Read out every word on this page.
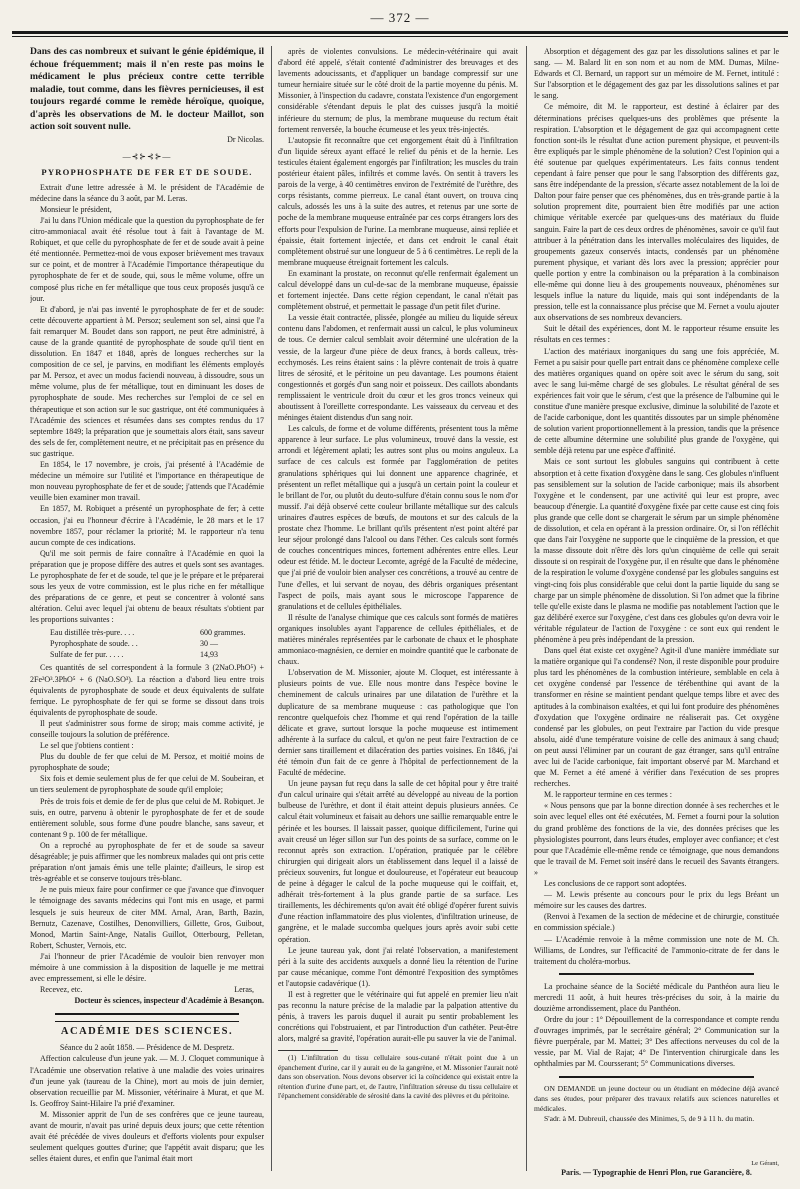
— 372 —

Dans des cas nombreux et suivant le génie épidémique, il échoue fréquemment; mais il n'en reste pas moins le médicament le plus précieux contre cette terrible maladie, tout comme, dans les fièvres pernicieuses, il est toujours regardé comme le remède héroïque, quoique, d'après les observations de M. le docteur Maillot, son action soit souvent nulle.

Dr Nicolas.

—⊰⊱⊰⊱—
PYROPHOSPHATE DE FER ET DE SOUDE.

Extrait d'une lettre adressée à M. le président de l'Académie de médecine dans la séance du 3 août, par M. Leras.

Monsieur le président,

J'ai lu dans l'Union médicale que la question du pyrophosphate de fer citro-ammoniacal avait été résolue tout à fait à l'avantage de M. Robiquet, et que celle du pyrophosphate de fer et de soude avait à peine été mentionnée. Permettez-moi de vous exposer brièvement mes travaux sur ce point, et de montrer à l'Académie l'importance thérapeutique du pyrophosphate de fer et de soude, qui, sous le même volume, offre un composé plus riche en fer métallique que tous ceux proposés jusqu'à ce jour.

Et d'abord, je n'ai pas inventé le pyrophosphate de fer et de soude: cette découverte appartient à M. Persoz; seulement son sel, ainsi que l'a fait remarquer M. Boudet dans son rapport, ne peut être administré, à cause de la grande quantité de pyrophosphate de soude qu'il tient en dissolution. En 1847 et 1848, après de longues recherches sur la composition de ce sel, je parvins, en modifiant les éléments employés par M. Persoz, et avec un modus faciendi nouveau, à dissoudre, sous un même volume, plus de fer métallique, tout en diminuant les doses de pyrophosphate de soude. Mes recherches sur l'emploi de ce sel en thérapeutique et son action sur le suc gastrique, ont été communiquées à l'Académie des sciences et résumées dans ses comptes rendus du 17 septembre 1849; la préparation que je soumettais alors était, sans saveur des sels de fer, complètement neutre, et ne précipitait pas en présence du suc gastrique.

En 1854, le 17 novembre, je crois, j'ai présenté à l'Académie de médecine un mémoire sur l'utilité et l'importance en thérapeutique de mon nouveau pyrophosphate de fer et de soude; j'attends que l'Académie veuille bien examiner mon travail.

En 1857, M. Robiquet a présenté un pyrophosphate de fer; à cette occasion, j'ai eu l'honneur d'écrire à l'Académie, le 28 mars et le 17 novembre 1857, pour réclamer la priorité; M. le rapporteur n'a tenu aucun compte de ces indications.

Qu'il me soit permis de faire connaître à l'Académie en quoi la préparation que je propose diffère des autres et quels sont ses avantages. Le pyrophosphate de fer et de soude, tel que je le prépare et le préparerai sous les yeux de votre commission, est le plus riche en fer métallique des préparations de ce genre, et peut se concentrer à volonté sans altération. Celui avec lequel j'ai obtenu de beaux résultats s'obtient par les proportions suivantes :

Eau distillée très-pure. . . .	600 grammes.
Pyrophosphate de soude. . .	30 —
Sulfate de fer pur. . . . .	14,93

Ces quantités de sel correspondent à la formule 3 (2NaO.PhO⁵) + 2Fe²O³.3PhO⁵ + 6 (NaO.SO³). La réaction a d'abord lieu entre trois équivalents de pyrophosphate de soude et deux équivalents de sulfate ferrique. Le pyrophosphate de fer qui se forme se dissout dans trois équivalents de pyrophosphate de soude.

Il peut s'administrer sous forme de sirop; mais comme activité, je conseille toujours la solution de préférence.

Le sel que j'obtiens contient :

Plus du double de fer que celui de M. Persoz, et moitié moins de pyrophosphate de soude;

Six fois et demie seulement plus de fer que celui de M. Soubeiran, et un tiers seulement de pyrophosphate de soude qu'il emploie;

Près de trois fois et demie de fer de plus que celui de M. Robiquet. Je suis, en outre, parvenu à obtenir le pyrophosphate de fer et de soude entièrement soluble, sous forme d'une poudre blanche, sans saveur, et contenant 9 p. 100 de fer métallique.

On a reproché au pyrophosphate de fer et de soude sa saveur désagréable; je puis affirmer que les nombreux malades qui ont pris cette préparation n'ont jamais émis une telle plainte; d'ailleurs, le sirop est très-agréable et se conserve toujours très-blanc.

Je ne puis mieux faire pour confirmer ce que j'avance que d'invoquer le témoignage des savants médecins qui l'ont mis en usage, et parmi lesquels je suis heureux de citer MM. Arnal, Aran, Barth, Bazin, Bernutz, Cazenave, Costilhes, Denonvilliers, Gillette, Gros, Guibout, Monod, Martin Saint-Ange, Natalis Guillot, Otterbourg, Pelletan, Robert, Schuster, Vernois, etc.

J'ai l'honneur de prier l'Académie de vouloir bien renvoyer mon mémoire à une commission à la disposition de laquelle je me mettrai avec empressement, si elle le désire.

Recevez, etc.	Leras,

Docteur ès sciences, inspecteur d'Académie à Besançon.

ACADÉMIE DES SCIENCES.

Séance du 2 août 1858. — Présidence de M. Despretz.

Affection calculeuse d'un jeune yak. — M. J. Cloquet communique à l'Académie une observation relative à une maladie des voies urinaires d'un jeune yak (taureau de la Chine), mort au mois de juin dernier, observation recueillie par M. Missonier, vétérinaire à Murat, et que M. Is. Geoffroy Saint-Hilaire l'a prié d'examiner.

M. Missonier apprit de l'un de ses confrères que ce jeune taureau, avant de mourir, n'avait pas uriné depuis deux jours; que cette rétention avait été précédée de vives douleurs et d'efforts violents pour expulser seulement quelques gouttes d'urine; que l'appétit avait disparu; que les selles étaient dures, et enfin que l'animal était mort

après de violentes convulsions. Le médecin-vétérinaire qui avait d'abord été appelé, s'était contenté d'administrer des breuvages et des lavements adoucissants, et d'appliquer un bandage compressif sur une tumeur herniaire située sur le côté droit de la partie moyenne du pénis. M. Missonier, à l'inspection du cadavre, constata l'existence d'un engorgement considérable s'étendant depuis le plat des cuisses jusqu'à la moitié inférieure du sternum; de plus, la membrane muqueuse du rectum était fortement renversée, la bouche écumeuse et les yeux très-injectés.

L'autopsie fit reconnaître que cet engorgement était dû à l'infiltration d'un liquide séreux ayant effacé le relief du pénis et de la hernie. Les testicules étaient également engorgés par l'infiltration; les muscles du train postérieur étaient pâles, infiltrés et comme lavés. On sentit à travers les parois de la verge, à 40 centimètres environ de l'extrémité de l'urèthre, des corps résistants, comme pierreux. Le canal étant ouvert, on trouva cinq calculs, adossés les uns à la suite des autres, et retenus par une sorte de poche de la membrane muqueuse entraînée par ces corps étrangers lors des efforts pour l'expulsion de l'urine. La membrane muqueuse, ainsi repliée et épaissie, était fortement injectée, et dans cet endroit le canal était complètement obstrué sur une longueur de 5 à 6 centimètres. Le repli de la membrane muqueuse étreignait fortement les calculs.

En examinant la prostate, on reconnut qu'elle renfermait également un calcul développé dans un cul-de-sac de la membrane muqueuse, épaissie et fortement injectée. Dans cette région cependant, le canal n'était pas complètement obstrué, et permettait le passage d'un petit filet d'urine.

La vessie était contractée, plissée, plongée au milieu du liquide séreux contenu dans l'abdomen, et renfermait aussi un calcul, le plus volumineux de tous. Ce dernier calcul semblait avoir déterminé une ulcération de la vessie, de la largeur d'une pièce de deux francs, à bords calleux, très-ecchymosés. Les reins étaient sains : la plèvre contenait de trois à quatre litres de sérosité, et le péritoine un peu davantage. Les poumons étaient congestionnés et gorgés d'un sang noir et poisseux. Des caillots abondants remplissaient le ventricule droit du cœur et les gros troncs veineux qui aboutissent à l'oreillette correspondante. Les vaisseaux du cerveau et des méninges étaient distendus d'un sang noir.

Les calculs, de forme et de volume différents, présentent tous la même apparence à leur surface. Le plus volumineux, trouvé dans la vessie, est arrondi et légèrement aplati; les autres sont plus ou moins anguleux. La surface de ces calculs est formée par l'agglomération de petites granulations sphériques qui lui donnent une apparence chagrinée, et présentent un reflet métallique qui a jusqu'à un certain point la couleur et le brillant de l'or, ou plutôt du deuto-sulfure d'étain connu sous le nom d'or mussif. J'ai déjà observé cette couleur brillante métallique sur des calculs urinaires d'autres espèces de bœufs, de moutons et sur des calculs de la prostate chez l'homme. Le brillant qu'ils présentent n'est point altéré par leur séjour prolongé dans l'alcool ou dans l'éther. Ces calculs sont formés de couches concentriques minces, fortement adhérentes entre elles. Leur odeur est fétide. M. le docteur Lecomte, agrégé de la Faculté de médecine, que j'ai prié de vouloir bien analyser ces concrétions, a trouvé au centre de l'une d'elles, et lui servant de noyau, des débris organiques présentant l'aspect de poils, mais ayant sous le microscope l'apparence de granulations et de cellules épithéliales.

Il résulte de l'analyse chimique que ces calculs sont formés de matières organiques insolubles ayant l'apparence de cellules épithéliales, et de matières minérales représentées par le carbonate de chaux et le phosphate ammoniaco-magnésien, ce dernier en moindre quantité que le carbonate de chaux.

L'observation de M. Missonier, ajoute M. Cloquet, est intéressante à plusieurs points de vue. Elle nous montre dans l'espèce bovine le cheminement de calculs urinaires par une dilatation de l'urèthre et la duplicature de sa membrane muqueuse : cas pathologique que l'on rencontre quelquefois chez l'homme et qui rend l'opération de la taille délicate et grave, surtout lorsque la poche muqueuse est intimement adhérente à la surface du calcul, et qu'on ne peut faire l'extraction de ce dernier sans tiraillement et dilacération des parties voisines. En 1846, j'ai été témoin d'un fait de ce genre à l'hôpital de perfectionnement de la Faculté de médecine.

Un jeune paysan fut reçu dans la salle de cet hôpital pour y être traité d'un calcul urinaire qui s'était arrêté au développé au niveau de la portion bulbeuse de l'urèthre, et dont il était atteint depuis plusieurs années. Ce calcul était volumineux et faisait au dehors une saillie remarquable entre le périnée et les bourses. Il laissait passer, quoique difficilement, l'urine qui avait creusé un léger sillon sur l'un des points de sa surface, comme on le reconnut après son extraction. L'opération, pratiquée par le célèbre chirurgien qui dirigeait alors un établissement dans lequel il a laissé de précieux souvenirs, fut longue et douloureuse, et l'opérateur eut beaucoup de peine à dégager le calcul de la poche muqueuse qui le coiffait, et, adhérait très-fortement à la plus grande partie de sa surface. Les tiraillements, les déchirements qu'on avait été obligé d'opérer furent suivis d'une réaction inflammatoire des plus violentes, d'infiltration urineuse, de gangrène, et le malade succomba quelques jours après avoir subi cette opération.

Le jeune taureau yak, dont j'ai relaté l'observation, a manifestement péri à la suite des accidents auxquels a donné lieu la rétention de l'urine par cause mécanique, comme l'ont démontré l'exposition des symptômes et l'autopsie cadavérique (1).

Il est à regretter que le vétérinaire qui fut appelé en premier lieu n'ait pas reconnu la nature précise de la maladie par la palpation attentive du pénis, à travers les parois duquel il aurait pu sentir probablement les concrétions qui l'obstruaient, et par l'introduction d'un cathéter. Peut-être alors, malgré sa gravité, l'opération aurait-elle pu sauver la vie de l'animal.

(1) L'infiltration du tissu cellulaire sous-cutané n'était point due à un épanchement d'urine, car il y aurait eu de la gangrène, et M. Missonier l'aurait noté dans son observation. Nous devons observer ici la coïncidence qui existait entre la rétention d'urine d'une part, et, de l'autre, l'infiltration séreuse du tissu cellulaire et l'épanchement considérable de sérosité dans la cavité des plèvres et du péritoine.

Absorption et dégagement des gaz par les dissolutions salines et par le sang. — M. Balard lit en son nom et au nom de MM. Dumas, Milne-Edwards et Cl. Bernard, un rapport sur un mémoire de M. Fernet, intitulé : Sur l'absorption et le dégagement des gaz par les dissolutions salines et par le sang.

Ce mémoire, dit M. le rapporteur, est destiné à éclairer par des déterminations précises quelques-uns des problèmes que présente la respiration. L'absorption et le dégagement de gaz qui accompagnent cette fonction sont-ils le résultat d'une action purement physique, et peuvent-ils être expliqués par le simple phénomène de la solution? C'est l'opinion qui a été soutenue par quelques expérimentateurs. Les faits connus tendent cependant à faire penser que pour le sang l'absorption des différents gaz, sans être indépendante de la pression, s'écarte assez notablement de la loi de Dalton pour faire penser que ces phénomènes, dus en très-grande partie à la solution proprement dite, pourraient bien être modifiés par une action chimique véritable exercée par quelques-uns des matériaux du fluide sanguin. Faire la part de ces deux ordres de phénomènes, savoir ce qu'il faut attribuer à la pénétration dans les intervalles moléculaires des liquides, de groupements gazeux conservés intacts, condensés par un phénomène purement physique, et variant dès lors avec la pression; apprécier pour quelle portion y entre la combinaison ou la préparation à la combinaison elle-même qui donne lieu à des groupements nouveaux, phénomènes sur lesquels influe la nature du liquide, mais qui sont indépendants de la pression, telle est la connaissance plus précise que M. Fernet a voulu ajouter aux observations de ses nombreux devanciers.

Suit le détail des expériences, dont M. le rapporteur résume ensuite les résultats en ces termes :

L'action des matériaux inorganiques du sang une fois appréciée, M. Fernet a pu saisir pour quelle part entrait dans ce phénomène complexe celle des matières organiques quand on opère soit avec le sérum du sang, soit avec le sang lui-même chargé de ses globules. Le résultat général de ses expériences fait voir que le sérum, c'est que la présence de l'albumine qui le constitue d'une manière presque exclusive, diminue la solubilité de l'azote et de l'acide carbonique, dont les quantités dissoutes par un simple phénomène de solution varient proportionnellement à la pression, tandis que la présence de cette albumine détermine une solubilité plus grande de l'oxygène, qui semble déjà retenu par une espèce d'affinité.

Mais ce sont surtout les globules sanguins qui contribuent à cette absorption et à cette fixation d'oxygène dans le sang. Ces globules n'influent pas sensiblement sur la solution de l'acide carbonique; mais ils absorbent l'oxygène et le condensent, par une activité qui leur est propre, avec beaucoup d'énergie. La quantité d'oxygène fixée par cette cause est cinq fois plus grande que celle dont se chargerait le sérum par un simple phénomène de dissolution, et cela en opérant à la pression ordinaire. Or, si l'on réfléchit que dans l'air l'oxygène ne supporte que le cinquième de la pression, et que la masse dissoute doit n'être dès lors qu'un cinquième de celle qui serait dissoute si on respirait de l'oxygène pur, il en résulte que dans le phénomène de la respiration le volume d'oxygène condensé par les globules sanguins est vingt-cinq fois plus considérable que celui dont la partie liquide du sang se charge par un simple phénomène de dissolution. Si l'on admet que la fibrine telle qu'elle existe dans le plasma ne modifie pas notablement l'action que le gaz délibéré exerce sur l'oxygène, c'est dans ces globules qu'on devra voir le véritable régulateur de l'action de l'oxygène : ce sont eux qui rendent le phénomène à peu près indépendant de la pression.

Dans quel état existe cet oxygène? Agit-il d'une manière immédiate sur la matière organique qui l'a condensé? Non, il reste disponible pour produire plus tard les phénomènes de la combustion intérieure, semblable en cela à cet oxygène condensé par l'essence de térébenthine qui avant de la transformer en résine se maintient pendant quelque temps libre et avec des aptitudes à la combinaison exaltées, et qui lui font produire des phénomènes d'oxydation que l'oxygène ordinaire ne réaliserait pas. Cet oxygène condensé par les globules, on peut l'extraire par l'action du vide presque absolu, aidé d'une température voisine de celle des animaux à sang chaud; on peut aussi l'éliminer par un courant de gaz étranger, sans qu'il entraîne avec lui de l'acide carbonique, fait important observé par M. Marchand et que M. Fernet a été amené à vérifier dans l'exécution de ses propres recherches.

M. le rapporteur termine en ces termes :

« Nous pensons que par la bonne direction donnée à ses recherches et le soin avec lequel elles ont été exécutées, M. Fernet a fourni pour la solution du grand problème des fonctions de la vie, des données précises que les physiologistes pourront, dans leurs études, employer avec confiance; et c'est pour que l'Académie elle-même rende ce témoignage, que nous demandons que le travail de M. Fernet soit inséré dans le recueil des Savants étrangers. »

Les conclusions de ce rapport sont adoptées.

— M. Lewis présente au concours pour le prix du legs Bréant un mémoire sur les causes des dartres.

(Renvoi à l'examen de la section de médecine et de chirurgie, constituée en commission spéciale.)

— L'Académie renvoie à la même commission une note de M. Ch. Williams, de Londres, sur l'efficacité de l'ammonio-citrate de fer dans le traitement du choléra-morbus.

La prochaine séance de la Société médicale du Panthéon aura lieu le mercredi 11 août, à huit heures très-précises du soir, à la mairie du douzième arrondissement, place du Panthéon.

Ordre du jour : 1° Dépouillement de la correspondance et compte rendu d'ouvrages imprimés, par le secrétaire général; 2° Communication sur la fièvre puerpérale, par M. Mattei; 3° Des affections nerveuses du col de la vessie, par M. Vial de Rajat; 4° De l'intervention chirurgicale dans les ophthalmies par M. Coursserant; 5° Communications diverses.

ON DEMANDE un jeune docteur ou un étudiant en médecine déjà avancé dans ses études, pour préparer des travaux relatifs aux sciences naturelles et médicales.

S'adr. à M. Dubreuil, chaussée des Minimes, 5, de 9 à 11 h. du matin.

Le Gérant,
Paris. — Typographie de Henri Plon, rue Garancière, 8.
